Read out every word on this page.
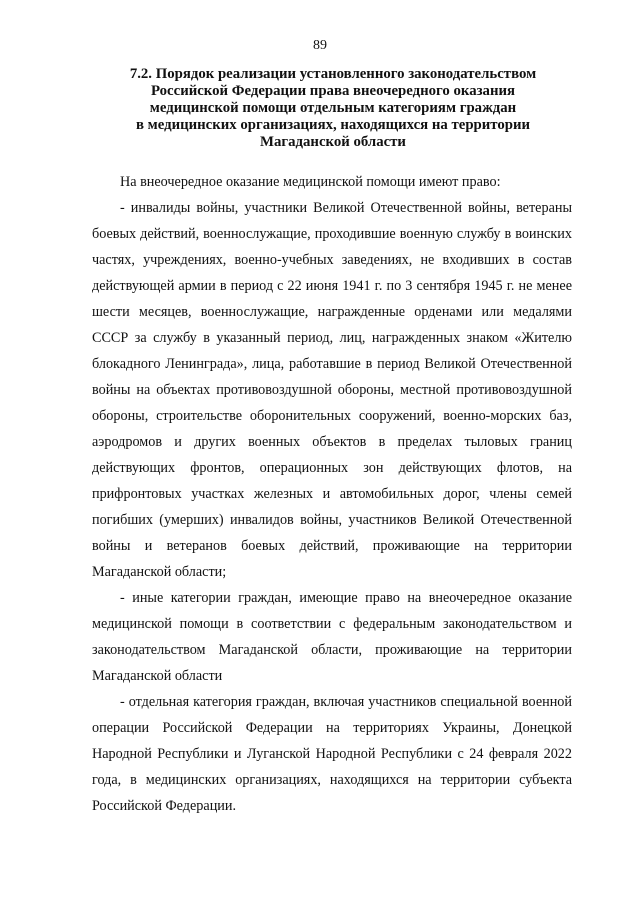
89
7.2. Порядок реализации установленного законодательством
Российской Федерации права внеочередного оказания
медицинской помощи отдельным категориям граждан
в медицинских организациях, находящихся на территории
Магаданской области

На внеочередное оказание медицинской помощи имеют право:

- инвалиды войны, участники Великой Отечественной войны, ветераны боевых действий, военнослужащие, проходившие военную службу в воинских частях, учреждениях, военно-учебных заведениях, не входивших в состав действующей армии в период с 22 июня 1941 г. по 3 сентября 1945 г. не менее шести месяцев, военнослужащие, награжденные орденами или медалями СССР за службу в указанный период, лиц, награжденных знаком «Жителю блокадного Ленинграда», лица, работавшие в период Великой Отечественной войны на объектах противовоздушной обороны, местной противовоздушной обороны, строительстве оборонительных сооружений, военно-морских баз, аэродромов и других военных объектов в пределах тыловых границ действующих фронтов, операционных зон действующих флотов, на прифронтовых участках железных и автомобильных дорог, члены семей погибших (умерших) инвалидов войны, участников Великой Отечественной войны и ветеранов боевых действий, проживающие на территории Магаданской области;

- иные категории граждан, имеющие право на внеочередное оказание медицинской помощи в соответствии с федеральным законодательством и законодательством Магаданской области, проживающие на территории Магаданской области

- отдельная категория граждан, включая участников специальной военной операции Российской Федерации на территориях Украины, Донецкой Народной Республики и Луганской Народной Республики с 24 февраля 2022 года, в медицинских организациях, находящихся на территории субъекта Российской Федерации.
